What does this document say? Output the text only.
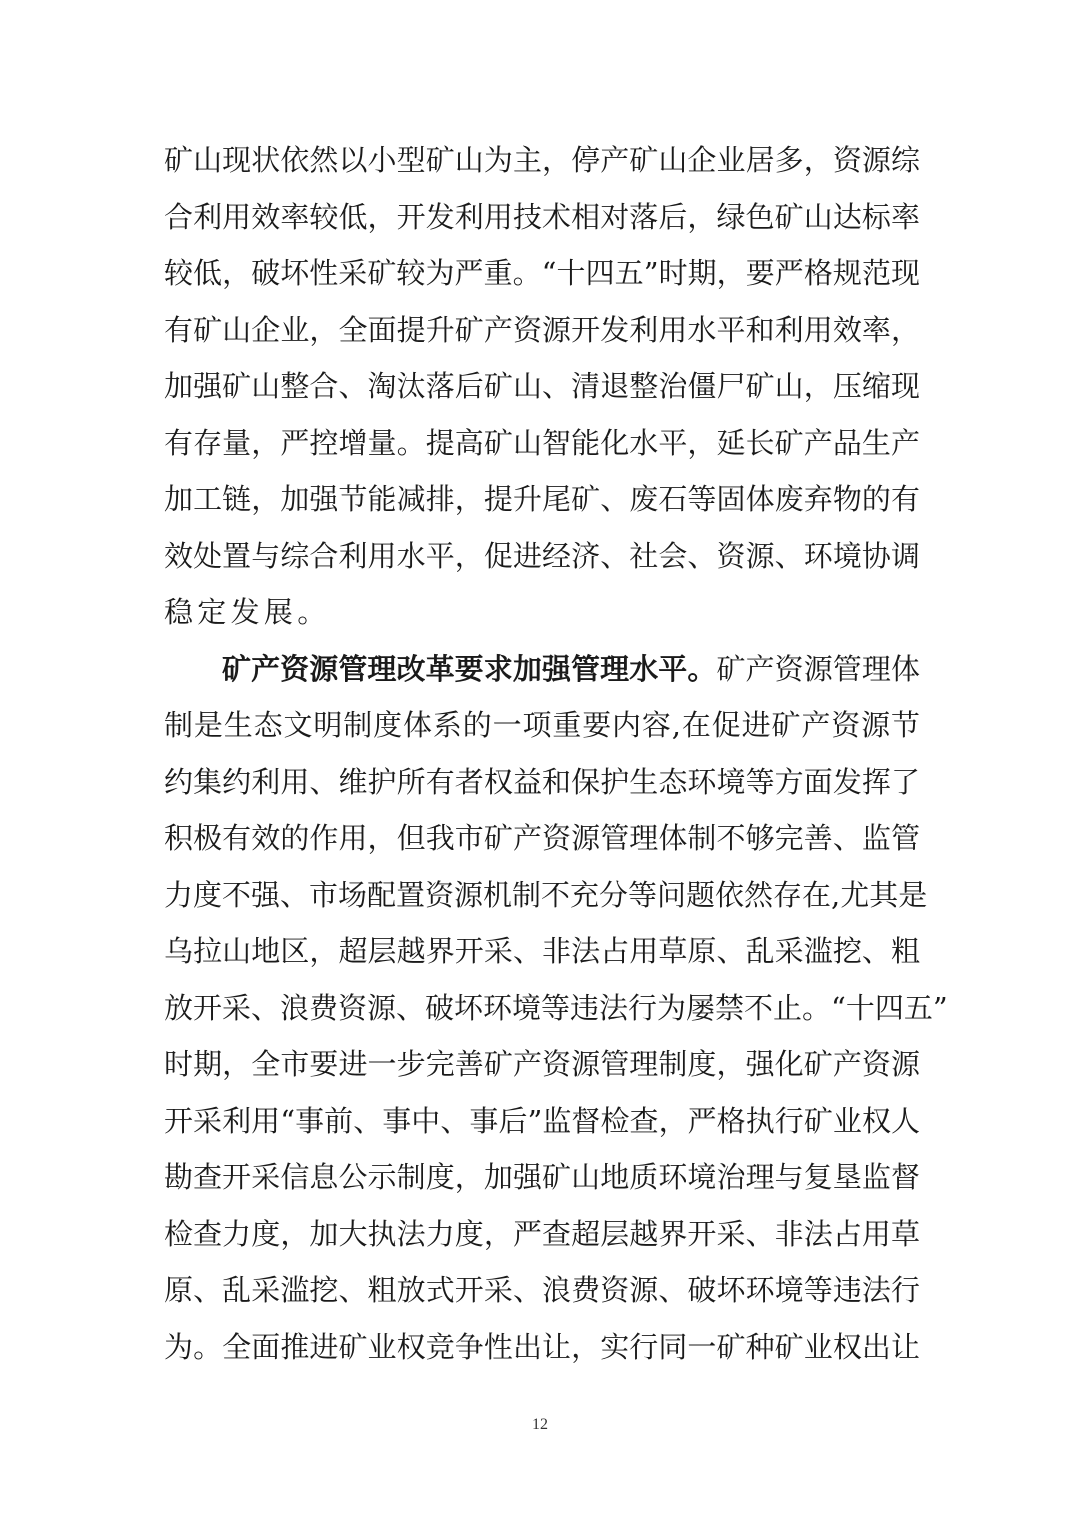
矿山现状依然以小型矿山为主，停产矿山企业居多，资源综
合利用效率较低，开发利用技术相对落后，绿色矿山达标率
较低，破坏性采矿较为严重。“十四五”时期，要严格规范现
有矿山企业，全面提升矿产资源开发利用水平和利用效率，
加强矿山整合、淘汰落后矿山、清退整治僵尸矿山，压缩现
有存量，严控增量。提高矿山智能化水平，延长矿产品生产
加工链，加强节能减排，提升尾矿、废石等固体废弃物的有
效处置与综合利用水平，促进经济、社会、资源、环境协调
稳定发展。
矿产资源管理改革要求加强管理水平。矿产资源管理体
制是生态文明制度体系的一项重要内容,在促进矿产资源节
约集约利用、维护所有者权益和保护生态环境等方面发挥了
积极有效的作用，但我市矿产资源管理体制不够完善、监管
力度不强、市场配置资源机制不充分等问题依然存在,尤其是
乌拉山地区，超层越界开采、非法占用草原、乱采滥挖、粗
放开采、浪费资源、破坏环境等违法行为屡禁不止。“十四五”
时期，全市要进一步完善矿产资源管理制度，强化矿产资源
开采利用“事前、事中、事后”监督检查，严格执行矿业权人
勘查开采信息公示制度，加强矿山地质环境治理与复垦监督
检查力度，加大执法力度，严查超层越界开采、非法占用草
原、乱采滥挖、粗放式开采、浪费资源、破坏环境等违法行
为。全面推进矿业权竞争性出让，实行同一矿种矿业权出让
12
